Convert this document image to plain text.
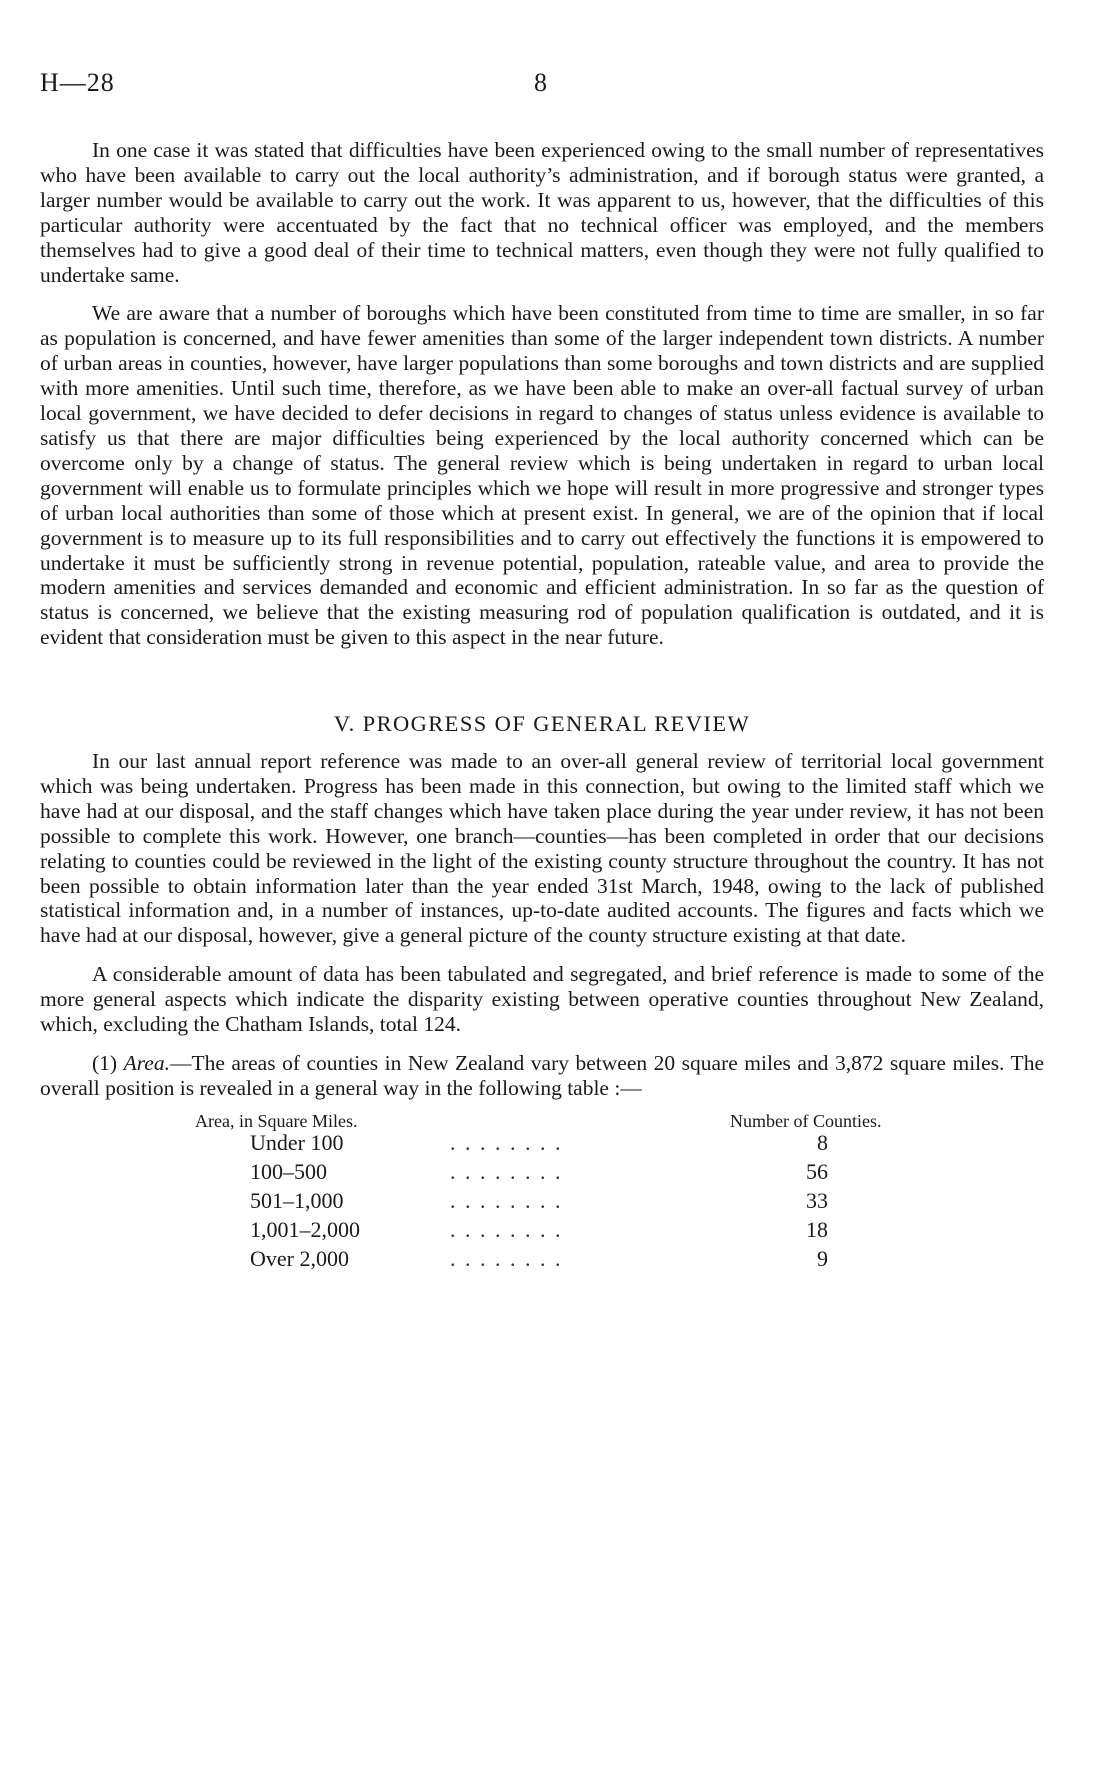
H—28	8

In one case it was stated that difficulties have been experienced owing to the small number of representatives who have been available to carry out the local authority’s administration, and if borough status were granted, a larger number would be available to carry out the work. It was apparent to us, however, that the difficulties of this particular authority were accentuated by the fact that no technical officer was employed, and the members themselves had to give a good deal of their time to technical matters, even though they were not fully qualified to undertake same.

We are aware that a number of boroughs which have been constituted from time to time are smaller, in so far as population is concerned, and have fewer amenities than some of the larger independent town districts. A number of urban areas in counties, however, have larger populations than some boroughs and town districts and are supplied with more amenities. Until such time, therefore, as we have been able to make an over-all factual survey of urban local government, we have decided to defer decisions in regard to changes of status unless evidence is available to satisfy us that there are major difficulties being experienced by the local authority concerned which can be overcome only by a change of status. The general review which is being undertaken in regard to urban local government will enable us to formulate principles which we hope will result in more progressive and stronger types of urban local authorities than some of those which at present exist. In general, we are of the opinion that if local government is to measure up to its full responsibilities and to carry out effectively the functions it is empowered to undertake it must be sufficiently strong in revenue potential, population, rateable value, and area to provide the modern amenities and services demanded and economic and efficient administration. In so far as the question of status is concerned, we believe that the existing measuring rod of population qualification is outdated, and it is evident that consideration must be given to this aspect in the near future.

V. PROGRESS OF GENERAL REVIEW

In our last annual report reference was made to an over-all general review of territorial local government which was being undertaken. Progress has been made in this connection, but owing to the limited staff which we have had at our disposal, and the staff changes which have taken place during the year under review, it has not been possible to complete this work. However, one branch—counties—has been completed in order that our decisions relating to counties could be reviewed in the light of the existing county structure throughout the country. It has not been possible to obtain information later than the year ended 31st March, 1948, owing to the lack of published statistical information and, in a number of instances, up-to-date audited accounts. The figures and facts which we have had at our disposal, however, give a general picture of the county structure existing at that date.

A considerable amount of data has been tabulated and segregated, and brief reference is made to some of the more general aspects which indicate the disparity existing between operative counties throughout New Zealand, which, excluding the Chatham Islands, total 124.

(1) Area.—The areas of counties in New Zealand vary between 20 square miles and 3,872 square miles. The overall position is revealed in a general way in the following table :—

Area, in Square Miles.	Number of Counties.
Under 100	. . . . . . . .	8
100–500	. . . . . . . .	56
501–1,000	. . . . . . . .	33
1,001–2,000	. . . . . . . .	18
Over 2,000	. . . . . . . .	9
